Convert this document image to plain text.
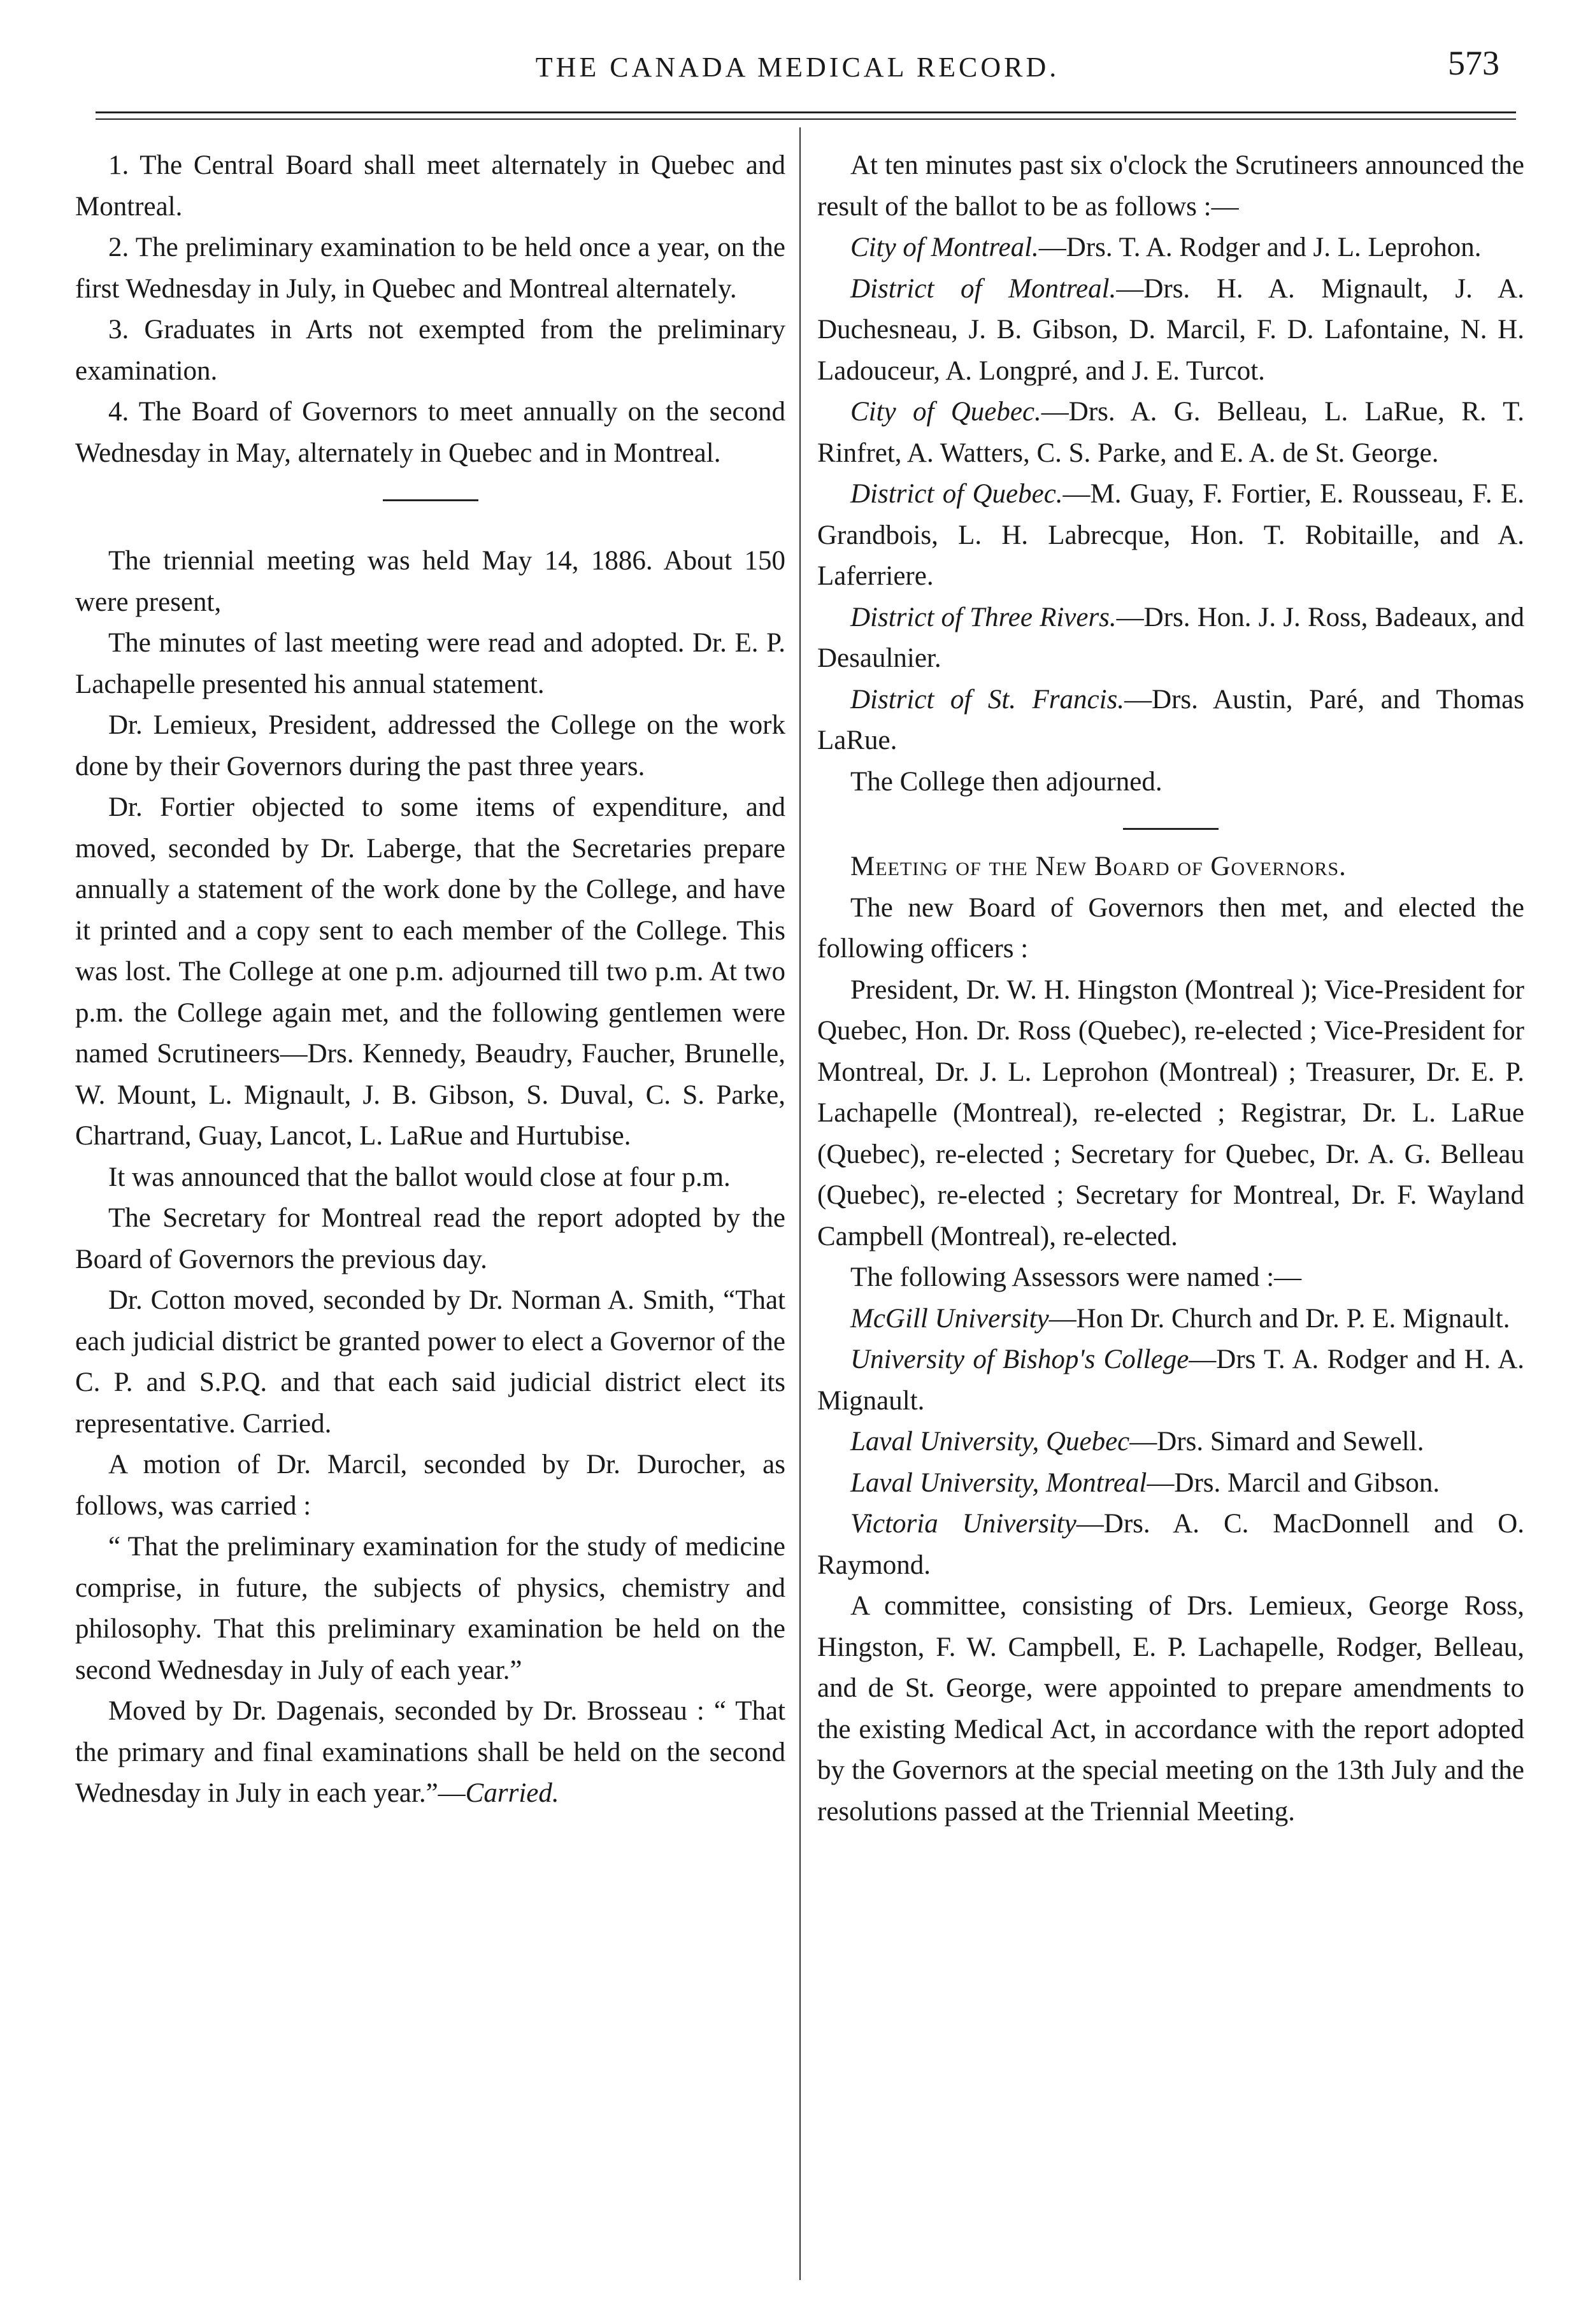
THE CANADA MEDICAL RECORD.	573

1. The Central Board shall meet alternately in Quebec and Montreal.

2. The preliminary examination to be held once a year, on the first Wednesday in July, in Quebec and Montreal alternately.

3. Graduates in Arts not exempted from the preliminary examination.

4. The Board of Governors to meet annually on the second Wednesday in May, alternately in Quebec and in Montreal.

The triennial meeting was held May 14, 1886. About 150 were present,

The minutes of last meeting were read and adopted. Dr. E. P. Lachapelle presented his annual statement.

Dr. Lemieux, President, addressed the College on the work done by their Governors during the past three years.

Dr. Fortier objected to some items of expenditure, and moved, seconded by Dr. Laberge, that the Secretaries prepare annually a statement of the work done by the College, and have it printed and a copy sent to each member of the College. This was lost. The College at one p.m. adjourned till two p.m. At two p.m. the College again met, and the following gentlemen were named Scrutineers—Drs. Kennedy, Beaudry, Faucher, Brunelle, W. Mount, L. Mignault, J. B. Gibson, S. Duval, C. S. Parke, Chartrand, Guay, Lancot, L. LaRue and Hurtubise.

It was announced that the ballot would close at four p.m.

The Secretary for Montreal read the report adopted by the Board of Governors the previous day.

Dr. Cotton moved, seconded by Dr. Norman A. Smith, “That each judicial district be granted power to elect a Governor of the C. P. and S.P.Q. and that each said judicial district elect its representative. Carried.

A motion of Dr. Marcil, seconded by Dr. Durocher, as follows, was carried :

“ That the preliminary examination for the study of medicine comprise, in future, the subjects of physics, chemistry and philosophy. That this preliminary examination be held on the second Wednesday in July of each year.”

Moved by Dr. Dagenais, seconded by Dr. Brosseau : “ That the primary and final examinations shall be held on the second Wednesday in July in each year.”—Carried.

At ten minutes past six o'clock the Scrutineers announced the result of the ballot to be as follows :—

City of Montreal.—Drs. T. A. Rodger and J. L. Leprohon.

District of Montreal.—Drs. H. A. Mignault, J. A. Duchesneau, J. B. Gibson, D. Marcil, F. D. Lafontaine, N. H. Ladouceur, A. Longpré, and J. E. Turcot.

City of Quebec.—Drs. A. G. Belleau, L. LaRue, R. T. Rinfret, A. Watters, C. S. Parke, and E. A. de St. George.

District of Quebec.—M. Guay, F. Fortier, E. Rousseau, F. E. Grandbois, L. H. Labrecque, Hon. T. Robitaille, and A. Laferriere.

District of Three Rivers.—Drs. Hon. J. J. Ross, Badeaux, and Desaulnier.

District of St. Francis.—Drs. Austin, Paré, and Thomas LaRue.

The College then adjourned.

Meeting of the New Board of Governors.

The new Board of Governors then met, and elected the following officers :

President, Dr. W. H. Hingston (Montreal ); Vice-President for Quebec, Hon. Dr. Ross (Quebec), re-elected ; Vice-President for Montreal, Dr. J. L. Leprohon (Montreal) ; Treasurer, Dr. E. P. Lachapelle (Montreal), re-elected ; Registrar, Dr. L. LaRue (Quebec), re-elected ; Secretary for Quebec, Dr. A. G. Belleau (Quebec), re-elected ; Secretary for Montreal, Dr. F. Wayland Campbell (Montreal), re-elected.

The following Assessors were named :—

McGill University—Hon Dr. Church and Dr. P. E. Mignault.

University of Bishop's College—Drs T. A. Rodger and H. A. Mignault.

Laval University, Quebec—Drs. Simard and Sewell.

Laval University, Montreal—Drs. Marcil and Gibson.

Victoria University—Drs. A. C. MacDonnell and O. Raymond.

A committee, consisting of Drs. Lemieux, George Ross, Hingston, F. W. Campbell, E. P. Lachapelle, Rodger, Belleau, and de St. George, were appointed to prepare amendments to the existing Medical Act, in accordance with the report adopted by the Governors at the special meeting on the 13th July and the resolutions passed at the Triennial Meeting.
